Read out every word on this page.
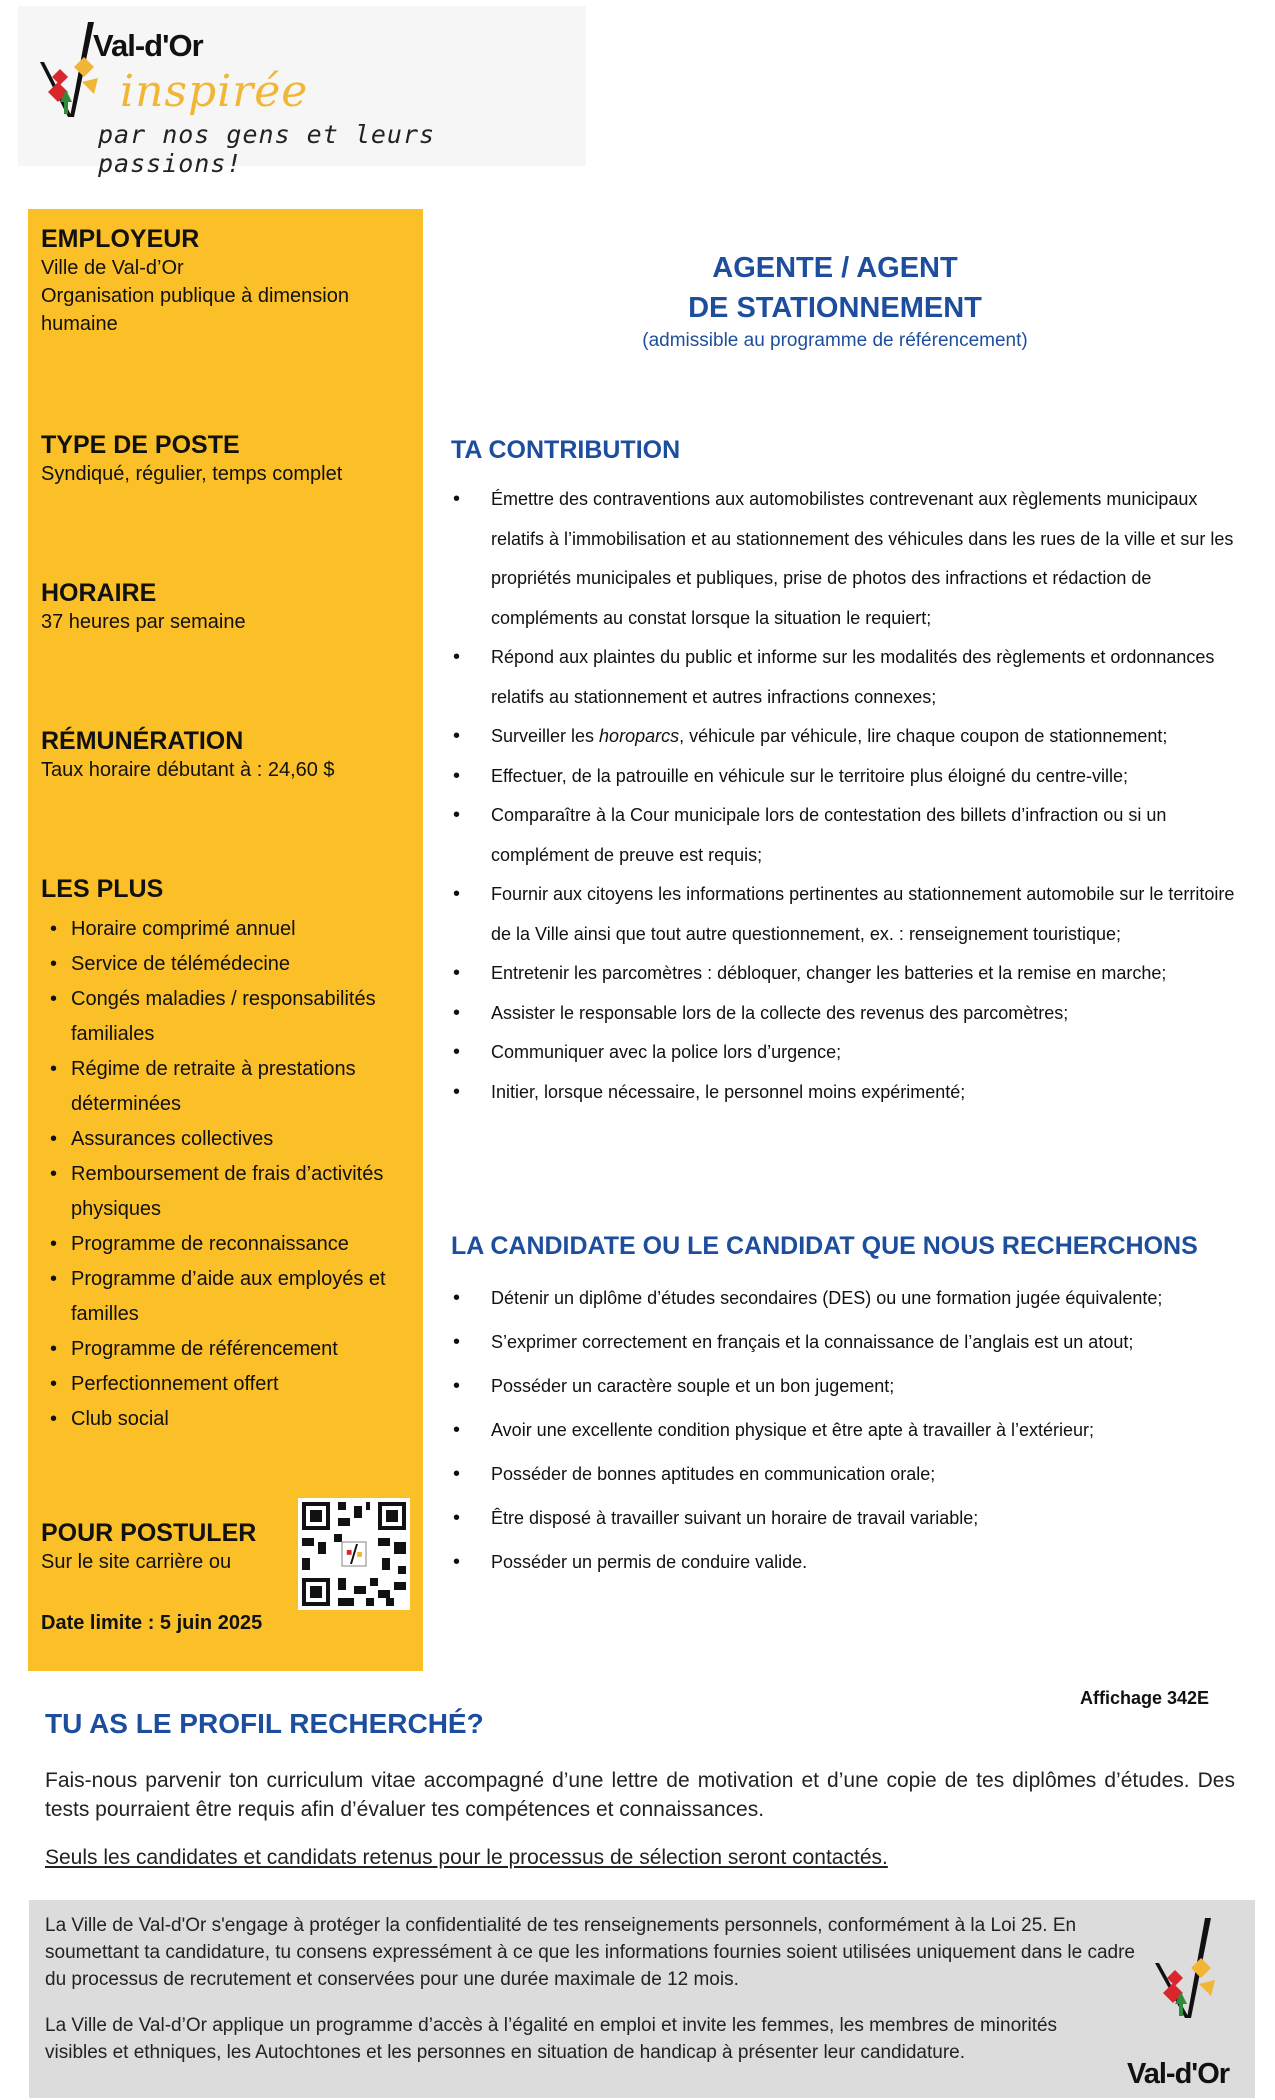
Val-d'Or
inspirée
par nos gens et leurs passions!

EMPLOYEUR

Ville de Val-d’Or

Organisation publique à dimension humaine

TYPE DE POSTE

Syndiqué, régulier, temps complet

HORAIRE

37 heures par semaine

RÉMUNÉRATION

Taux horaire débutant à : 24,60 $

LES PLUS

• Horaire comprimé annuel
• Service de télémédecine
• Congés maladies / responsabilités familiales
• Régime de retraite à prestations déterminées
• Assurances collectives
• Remboursement de frais d’activités physiques
• Programme de reconnaissance
• Programme d’aide aux employés et familles
• Programme de référencement
• Perfectionnement offert
• Club social

POUR POSTULER

Sur le site carrière ou

Date limite : 5 juin 2025
AGENTE / AGENT
DE STATIONNEMENT
(admissible au programme de référencement)

TA CONTRIBUTION

• Émettre des contraventions aux automobilistes contrevenant aux règlements municipaux relatifs à l’immobilisation et au stationnement des véhicules dans les rues de la ville et sur les propriétés municipales et publiques, prise de photos des infractions et rédaction de compléments au constat lorsque la situation le requiert;
• Répond aux plaintes du public et informe sur les modalités des règlements et ordonnances relatifs au stationnement et autres infractions connexes;
• Surveiller les horoparcs, véhicule par véhicule, lire chaque coupon de stationnement;
• Effectuer, de la patrouille en véhicule sur le territoire plus éloigné du centre-ville;
• Comparaître à la Cour municipale lors de contestation des billets d’infraction ou si un complément de preuve est requis;
• Fournir aux citoyens les informations pertinentes au stationnement automobile sur le territoire de la Ville ainsi que tout autre questionnement, ex. : renseignement touristique;
• Entretenir les parcomètres : débloquer, changer les batteries et la remise en marche;
• Assister le responsable lors de la collecte des revenus des parcomètres;
• Communiquer avec la police lors d’urgence;
• Initier, lorsque nécessaire, le personnel moins expérimenté;

LA CANDIDATE OU LE CANDIDAT QUE NOUS RECHERCHONS

• Détenir un diplôme d’études secondaires (DES) ou une formation jugée équivalente;
• S’exprimer correctement en français et la connaissance de l’anglais est un atout;
• Posséder un caractère souple et un bon jugement;
• Avoir une excellente condition physique et être apte à travailler à l’extérieur;
• Posséder de bonnes aptitudes en communication orale;
• Être disposé à travailler suivant un horaire de travail variable;
• Posséder un permis de conduire valide.
Affichage 342E
TU AS LE PROFIL RECHERCHÉ?
Fais-nous parvenir ton curriculum vitae accompagné d’une lettre de motivation et d’une copie de tes diplômes d’études. Des tests pourraient être requis afin d’évaluer tes compétences et connaissances.
Seuls les candidates et candidats retenus pour le processus de sélection seront contactés.
La Ville de Val-d'Or s'engage à protéger la confidentialité de tes renseignements personnels, conformément à la Loi 25. En soumettant ta candidature, tu consens expressément à ce que les informations fournies soient utilisées uniquement dans le cadre du processus de recrutement et conservées pour une durée maximale de 12 mois.
La Ville de Val-d’Or applique un programme d’accès à l’égalité en emploi et invite les femmes, les membres de minorités visibles et ethniques, les Autochtones et les personnes en situation de handicap à présenter leur candidature.
Val-d'Or
